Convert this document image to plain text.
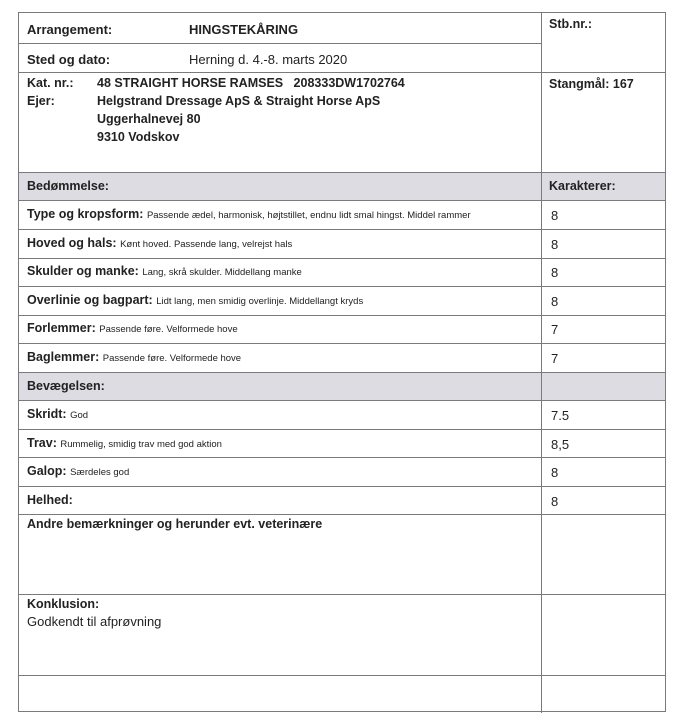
Arrangement:	HINGSTEKÅRING	Stb.nr.:
Sted og dato:	Herning d. 4.-8. marts 2020
Kat. nr.: 48 STRAIGHT HORSE RAMSES   208333DW1702764
Ejer:	Helgstrand Dressage ApS & Straight Horse ApS
Uggerhalnevej 80
9310 Vodskov
Stangmål: 167
Bedømmelse:	Karakterer:
Type og kropsform: Passende ædel, harmonisk, højtstillet, endnu lidt smal hingst. Middel rammer	8
Hoved og hals: Kønt hoved. Passende lang, velrejst hals	8
Skulder og manke: Lang, skrå skulder. Middellang manke	8
Overlinie og bagpart: Lidt lang, men smidig overlinje. Middellangt kryds	8
Forlemmer: Passende føre. Velformede hove	7
Baglemmer: Passende føre. Velformede hove	7
Bevægelsen:
Skridt: God	7.5
Trav: Rummelig, smidig trav med god aktion	8,5
Galop: Særdeles god	8
Helhed:	8
Andre bemærkninger og herunder evt. veterinære
Konklusion:
Godkendt til afprøvning
